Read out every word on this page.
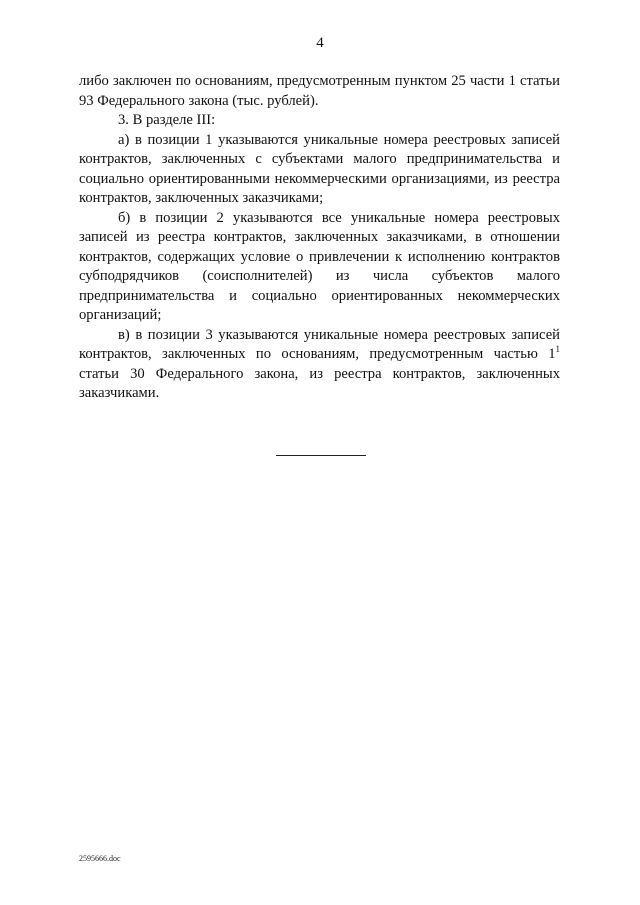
4

либо заключен по основаниям, предусмотренным пунктом 25 части 1 статьи 93 Федерального закона (тыс. рублей).

3. В разделе III:

а) в позиции 1 указываются уникальные номера реестровых записей контрактов, заключенных с субъектами малого предпринимательства и социально ориентированными некоммерческими организациями, из реестра контрактов, заключенных заказчиками;

б) в позиции 2 указываются все уникальные номера реестровых записей из реестра контрактов, заключенных заказчиками, в отношении контрактов, содержащих условие о привлечении к исполнению контрактов субподрядчиков (соисполнителей) из числа субъектов малого предпринимательства и социально ориентированных некоммерческих организаций;

в) в позиции 3 указываются уникальные номера реестровых записей контрактов, заключенных по основаниям, предусмотренным частью $1^1$ статьи 30 Федерального закона, из реестра контрактов, заключенных заказчиками.

2595666.doc
